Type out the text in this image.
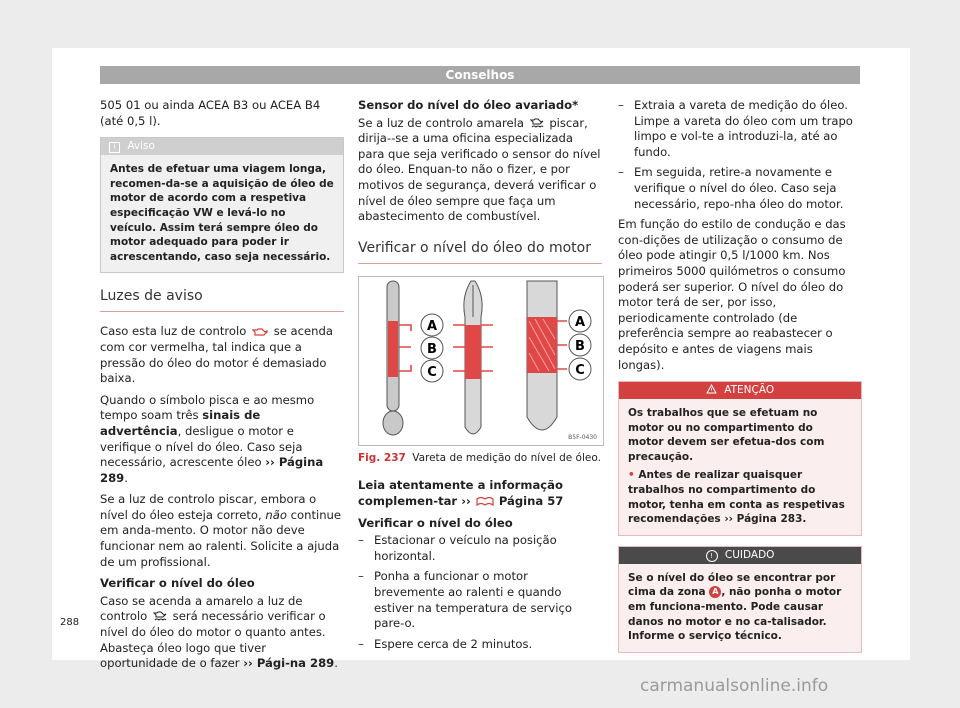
Conselhos

505 01 ou ainda ACEA B3 ou ACEA B4 (até 0,5 l).

i Aviso
Antes de efetuar uma viagem longa, recomen-da-se a aquisição de óleo de motor de acordo com a respetiva especificação VW e levá-lo no veículo. Assim terá sempre óleo do motor adequado para poder ir acrescentando, caso seja necessário.
Luzes de aviso

Caso esta luz de controlo se acenda com cor vermelha, tal indica que a pressão do óleo do motor é demasiado baixa.

Quando o símbolo pisca e ao mesmo tempo soam três sinais de advertência, desligue o motor e verifique o nível do óleo. Caso seja necessário, acrescente óleo ›› Página 289.

Se a luz de controlo piscar, embora o nível do óleo esteja correto, não continue em anda-mento. O motor não deve funcionar nem ao ralenti. Solicite a ajuda de um profissional.

Verificar o nível do óleo

Caso se acenda a amarelo a luz de controlo será necessário verificar o nível do óleo do motor o quanto antes. Abasteça óleo logo que tiver oportunidade de o fazer ›› Pági-na 289.

Sensor do nível do óleo avariado*

Se a luz de controlo amarela piscar, dirija--se a uma oficina especializada para que seja verificado o sensor do nível do óleo. Enquan-to não o fizer, e por motivos de segurança, deverá verificar o nível de óleo sempre que faça um abastecimento de combustível.

Verificar o nível do óleo do motor
A
B
C
A
B
C
B5F-0430
Fig. 237 Vareta de medição do nível de óleo.

Leia atentamente a informação complemen-tar ››  Página 57

Verificar o nível do óleo
– Estacionar o veículo na posição horizontal.
– Ponha a funcionar o motor brevemente ao ralenti e quando estiver na temperatura de serviço pare-o.
– Espere cerca de 2 minutos.
– Extraia a vareta de medição do óleo. Limpe a vareta do óleo com um trapo limpo e vol-te a introduzi-la, até ao fundo.
– Em seguida, retire-a novamente e verifique o nível do óleo. Caso seja necessário, repo-nha óleo do motor.

Em função do estilo de condução e das con-dições de utilização o consumo de óleo pode atingir 0,5 l/1000 km. Nos primeiros 5000 quilómetros o consumo poderá ser superior. O nível do óleo do motor terá de ser, por isso, periodicamente controlado (de preferência sempre ao reabastecer o depósito e antes de viagens mais longas).

ATENÇÃO
Os trabalhos que se efetuam no motor ou no compartimento do motor devem ser efetua-dos com precaução.
• Antes de realizar quaisquer trabalhos no compartimento do motor, tenha em conta as respetivas recomendações ›› Página 283.
! CUIDADO
Se o nível do óleo se encontrar por cima da zona A , não ponha o motor em funciona-mento. Pode causar danos no motor e no ca-talisador. Informe o serviço técnico.
288
carmanualsonline.info
